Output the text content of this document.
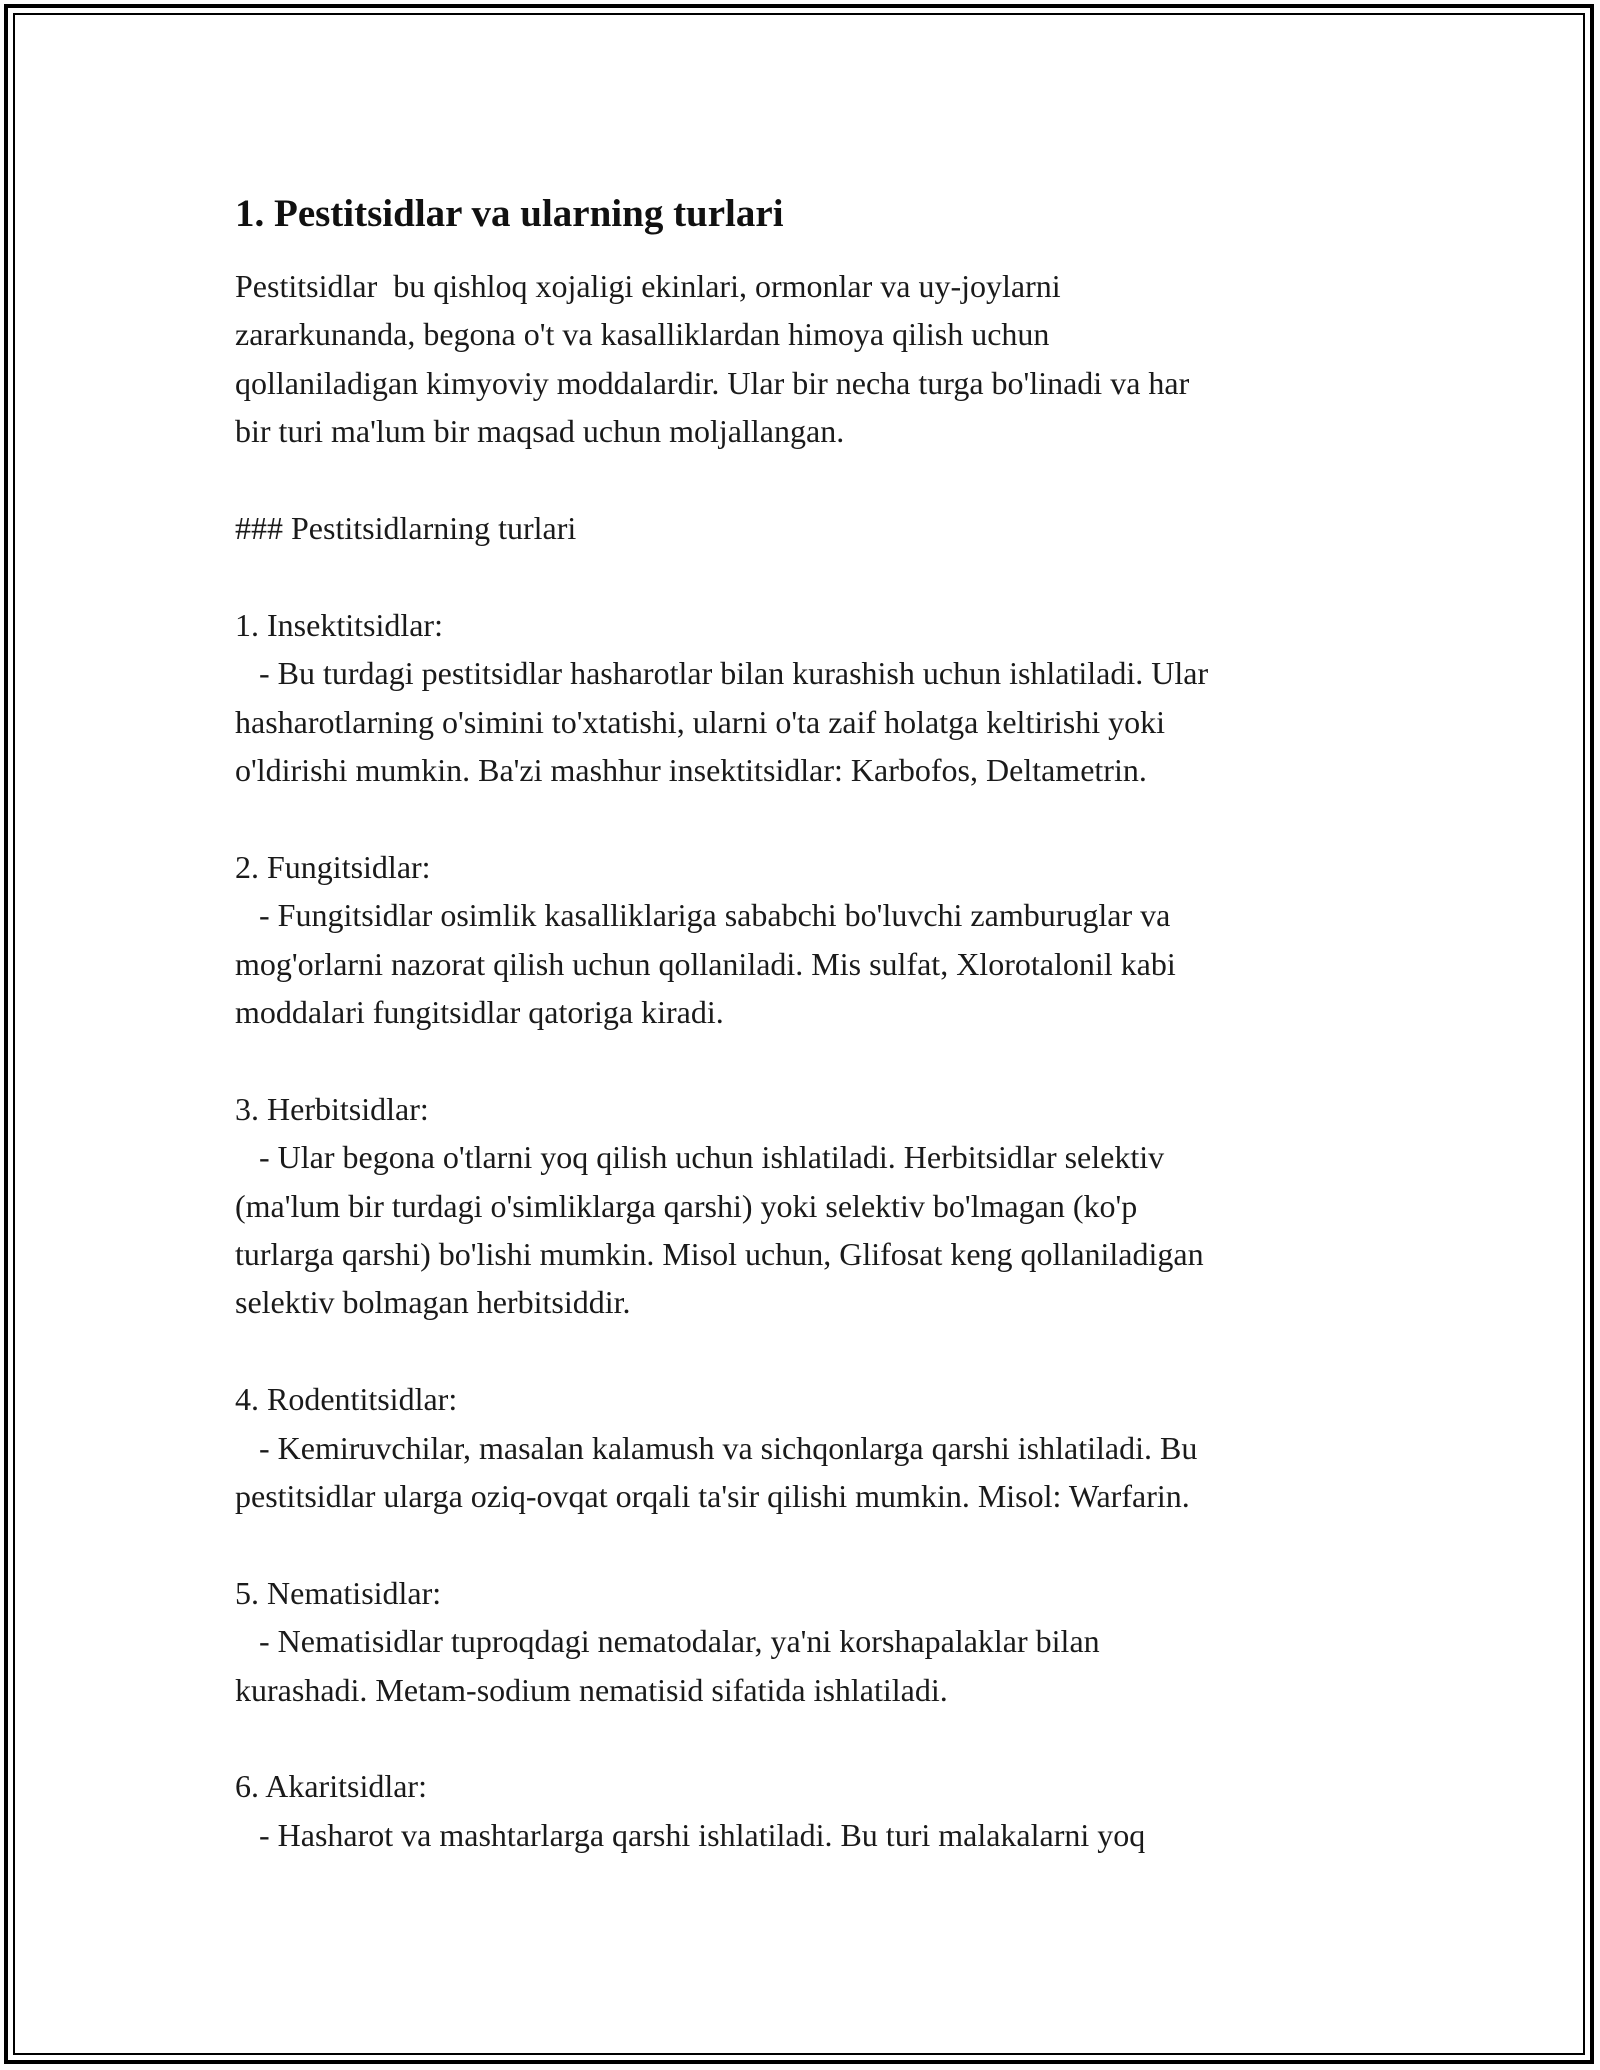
1. Pestitsidlar va ularning turlari

Pestitsidlar  bu qishloq xojaligi ekinlari, ormonlar va uy-joylarni
zararkunanda, begona o't va kasalliklardan himoya qilish uchun
qollaniladigan kimyoviy moddalardir. Ular bir necha turga bo'linadi va har
bir turi ma'lum bir maqsad uchun moljallangan.

### Pestitsidlarning turlari

1. Insektitsidlar:

- Bu turdagi pestitsidlar hasharotlar bilan kurashish uchun ishlatiladi. Ular
hasharotlarning o'simini to'xtatishi, ularni o'ta zaif holatga keltirishi yoki
o'ldirishi mumkin. Ba'zi mashhur insektitsidlar: Karbofos, Deltametrin.

2. Fungitsidlar:

- Fungitsidlar osimlik kasalliklariga sababchi bo'luvchi zamburuglar va
mog'orlarni nazorat qilish uchun qollaniladi. Mis sulfat, Xlorotalonil kabi
moddalari fungitsidlar qatoriga kiradi.

3. Herbitsidlar:

- Ular begona o'tlarni yoq qilish uchun ishlatiladi. Herbitsidlar selektiv
(ma'lum bir turdagi o'simliklarga qarshi) yoki selektiv bo'lmagan (ko'p
turlarga qarshi) bo'lishi mumkin. Misol uchun, Glifosat keng qollaniladigan
selektiv bolmagan herbitsiddir.

4. Rodentitsidlar:

- Kemiruvchilar, masalan kalamush va sichqonlarga qarshi ishlatiladi. Bu
pestitsidlar ularga oziq-ovqat orqali ta'sir qilishi mumkin. Misol: Warfarin.

5. Nematisidlar:

- Nematisidlar tuproqdagi nematodalar, ya'ni korshapalaklar bilan
kurashadi. Metam-sodium nematisid sifatida ishlatiladi.

6. Akaritsidlar:

- Hasharot va mashtarlarga qarshi ishlatiladi. Bu turi malakalarni yoq
